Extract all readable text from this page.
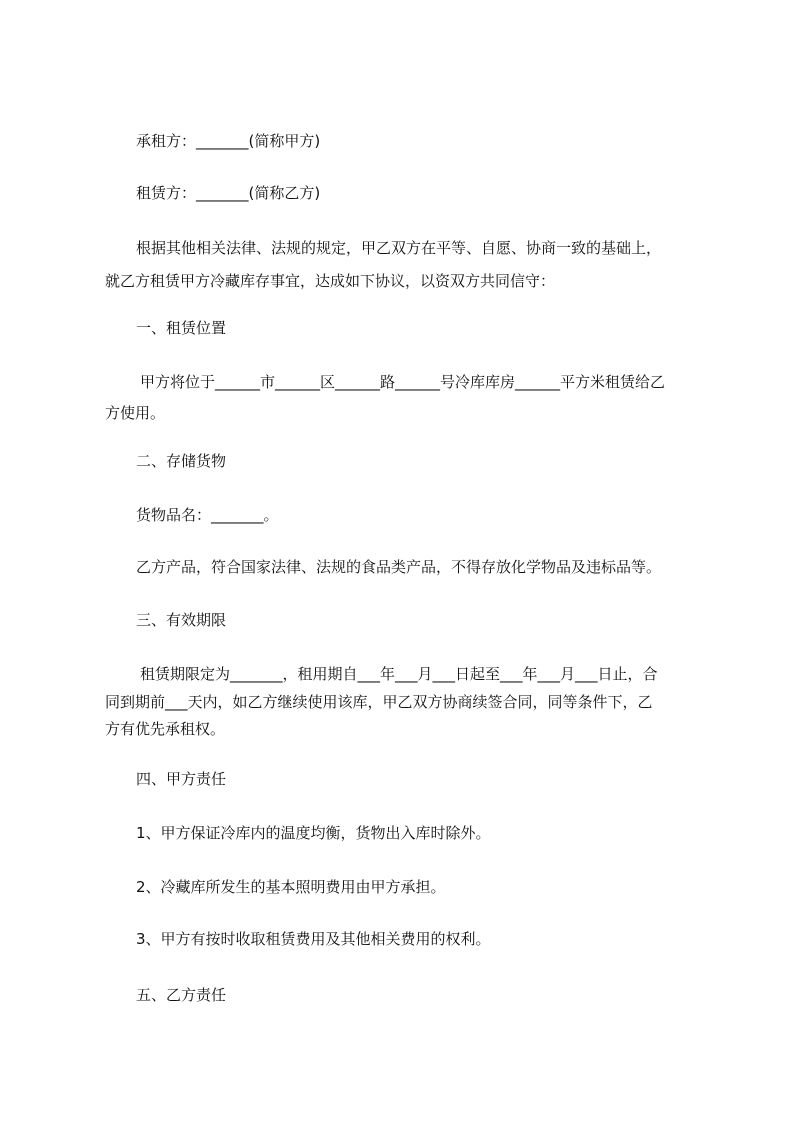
承租方：_______(简称甲方)

租赁方：_______(简称乙方)

根据其他相关法律、法规的规定，甲乙双方在平等、自愿、协商一致的基础上，

就乙方租赁甲方冷藏库存事宜，达成如下协议，以资双方共同信守：

一、租赁位置

甲方将位于______市______区______路______号冷库库房______平方米租赁给乙

方使用。

二、存储货物

货物品名：_______。

乙方产品，符合国家法律、法规的食品类产品，不得存放化学物品及违标品等。

三、有效期限

租赁期限定为_______，租用期自___年___月___日起至___年___月___日止，合

同到期前___天内，如乙方继续使用该库，甲乙双方协商续签合同，同等条件下，乙

方有优先承租权。

四、甲方责任

1、甲方保证冷库内的温度均衡，货物出入库时除外。

2、冷藏库所发生的基本照明费用由甲方承担。

3、甲方有按时收取租赁费用及其他相关费用的权利。

五、乙方责任
